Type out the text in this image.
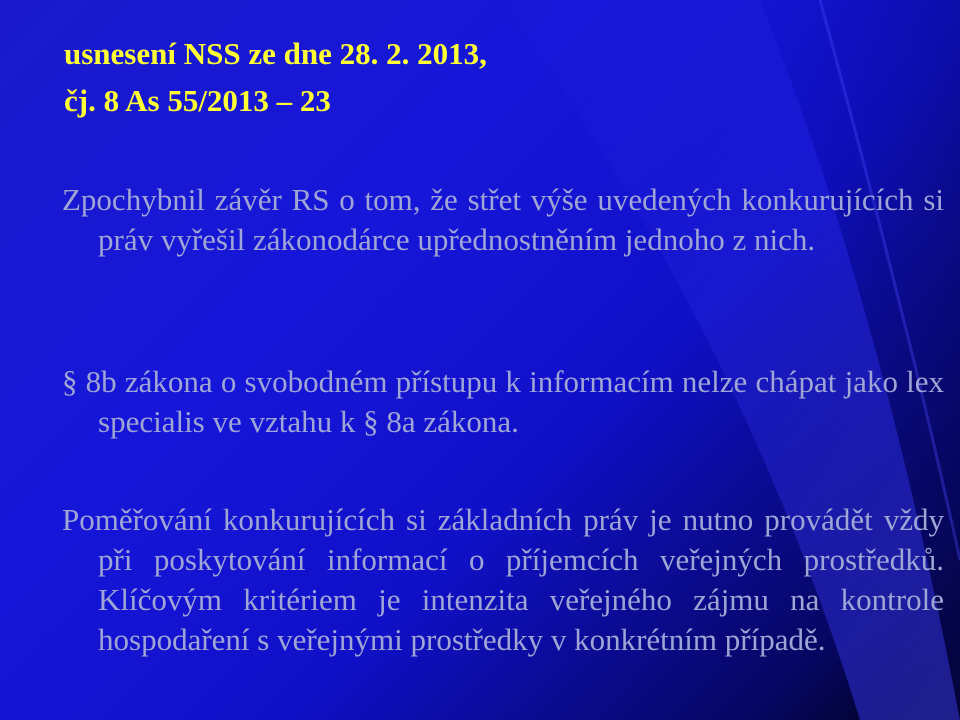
usnesení NSS ze dne 28. 2. 2013,
čj. 8 As 55/2013 – 23

Zpochybnil závěr RS o tom, že střet výše uvedených konkurujících si práv vyřešil zákonodárce upřednostněním jednoho z nich.

§ 8b zákona o svobodném přístupu k informacím nelze chápat jako lex specialis ve vztahu k § 8a zákona.

Poměřování konkurujících si základních práv je nutno provádět vždy při poskytování informací o příjemcích veřejných prostředků. Klíčovým kritériem je intenzita veřejného zájmu na kontrole hospodaření s veřejnými prostředky v konkrétním případě.
